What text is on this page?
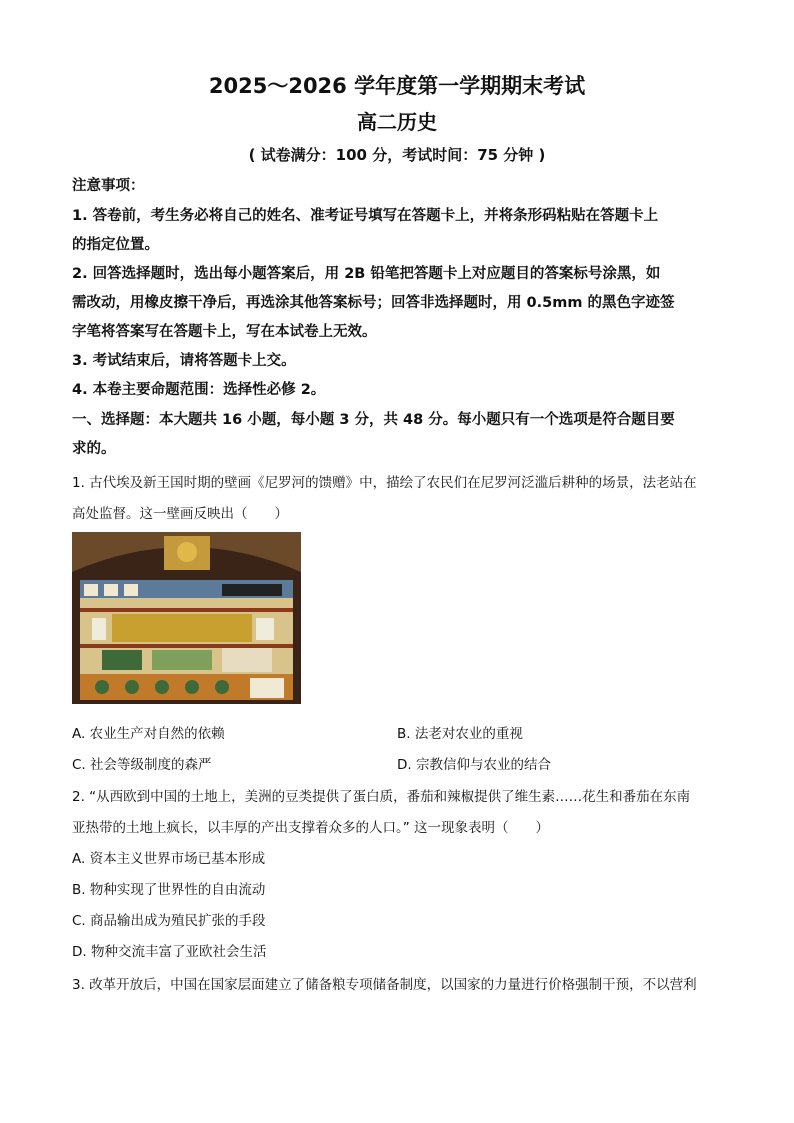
2025～2026 学年度第一学期期末考试
高二历史
( 试卷满分：100 分，考试时间：75 分钟 )
注意事项：
1. 答卷前，考生务必将自己的姓名、准考证号填写在答题卡上，并将条形码粘贴在答题卡上
的指定位置。
2. 回答选择题时，选出每小题答案后，用 2B 铅笔把答题卡上对应题目的答案标号涂黑，如
需改动，用橡皮擦干净后，再选涂其他答案标号；回答非选择题时，用 0.5mm 的黑色字迹签
字笔将答案写在答题卡上，写在本试卷上无效。
3. 考试结束后，请将答题卡上交。
4. 本卷主要命题范围：选择性必修 2。
一、选择题：本大题共 16 小题，每小题 3 分，共 48 分。每小题只有一个选项是符合题目要
求的。
1. 古代埃及新王国时期的壁画《尼罗河的馈赠》中，描绘了农民们在尼罗河泛滥后耕种的场景，法老站在
高处监督。这一壁画反映出（　　）
A. 农业生产对自然的依赖	B. 法老对农业的重视
C. 社会等级制度的森严	D. 宗教信仰与农业的结合
2. “从西欧到中国的土地上，美洲的豆类提供了蛋白质，番茄和辣椒提供了维生素……花生和番茄在东南
亚热带的土地上疯长，以丰厚的产出支撑着众多的人口。” 这一现象表明（　　）
A. 资本主义世界市场已基本形成
B. 物种实现了世界性的自由流动
C. 商品输出成为殖民扩张的手段
D. 物种交流丰富了亚欧社会生活
3. 改革开放后，中国在国家层面建立了储备粮专项储备制度，以国家的力量进行价格强制干预，不以营利
